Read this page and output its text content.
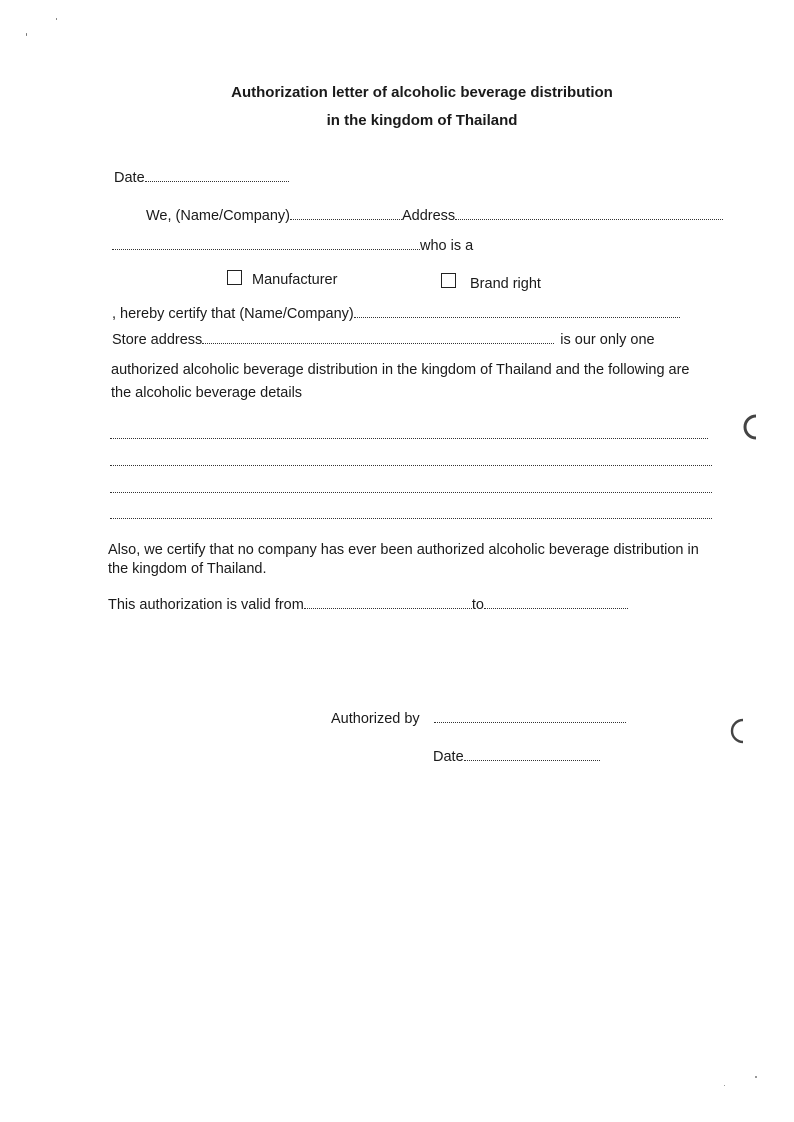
Authorization letter of alcoholic beverage distribution
in the kingdom of Thailand
Date
We, (Name/Company)	Address
who is a
Manufacturer	Brand right
, hereby certify that (Name/Company)
Store address	is our only one
authorized alcoholic beverage distribution in the kingdom of Thailand and the following are
the alcoholic beverage details
Also, we certify that no company has ever been authorized alcoholic beverage distribution in
the kingdom of Thailand.
This authorization is valid from	to
Authorized by
Date
